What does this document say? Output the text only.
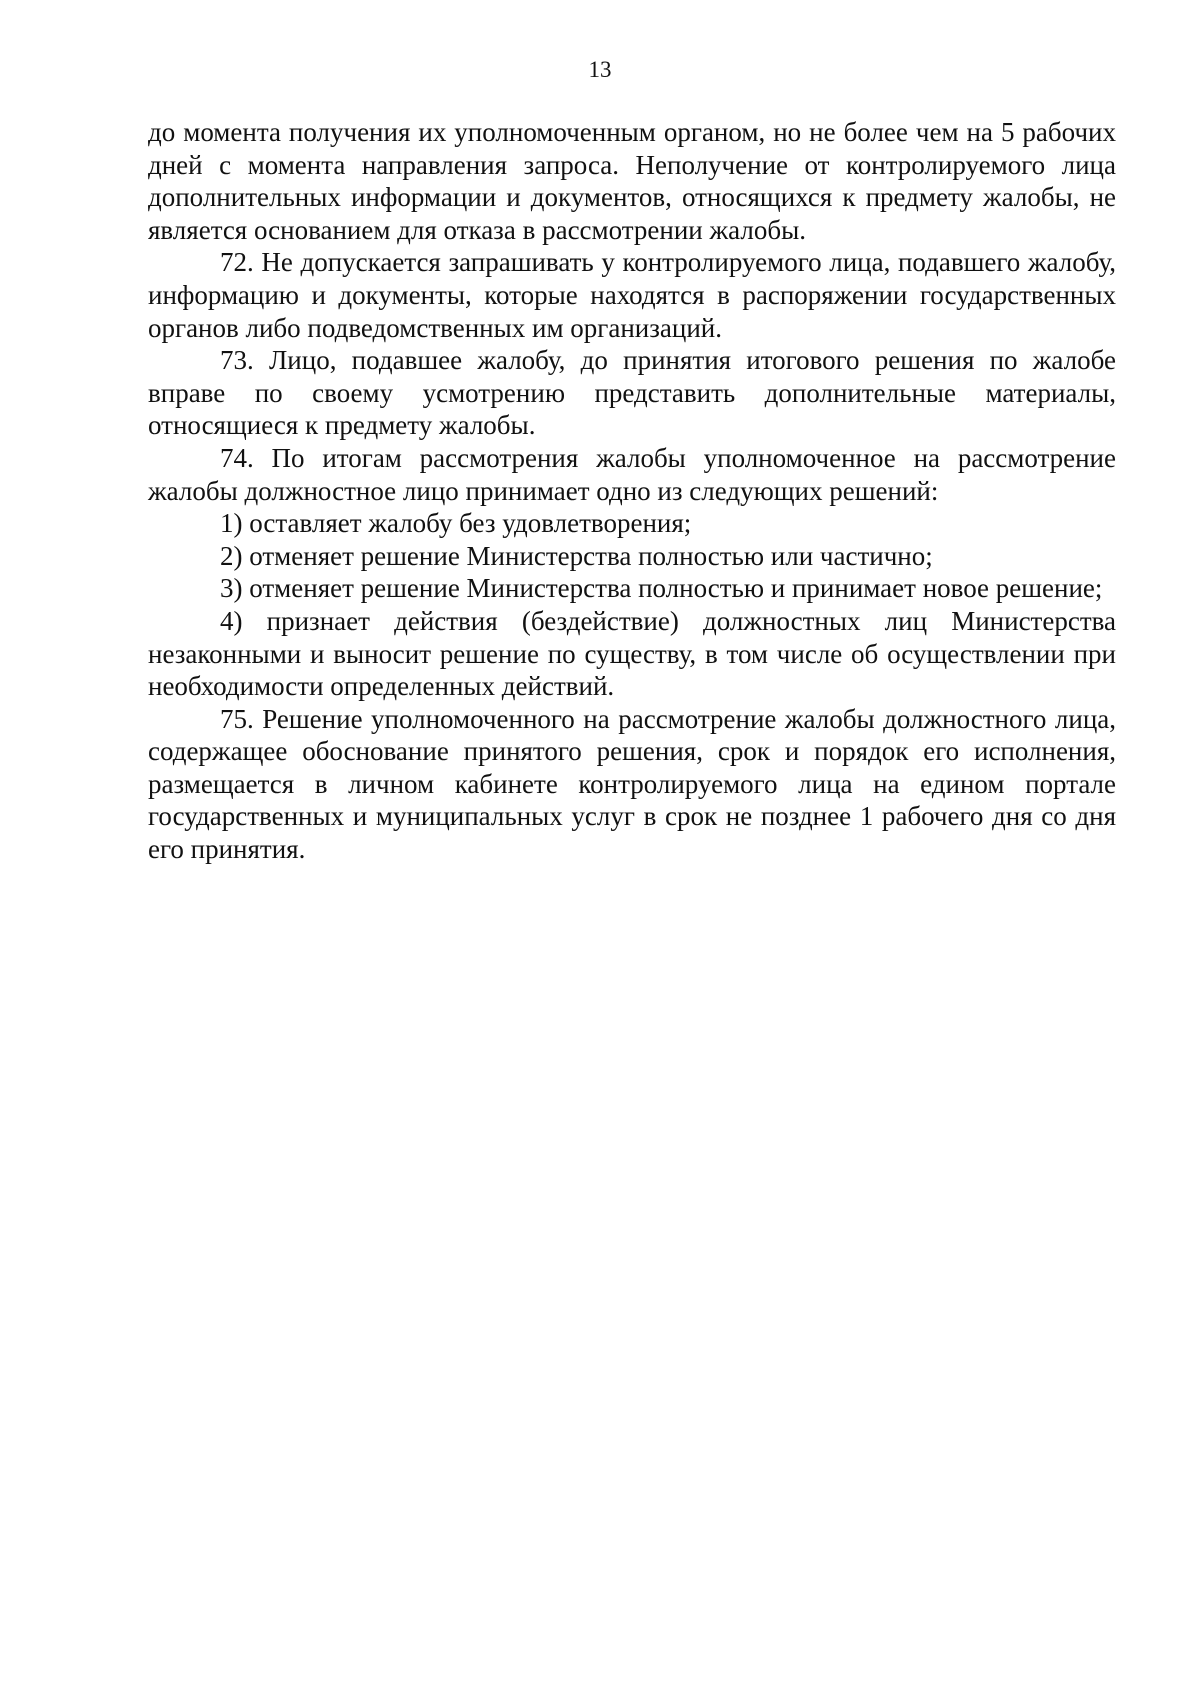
13

до момента получения их уполномоченным органом, но не более чем на 5 рабочих дней с момента направления запроса. Неполучение от контролируемого лица дополнительных информации и документов, относящихся к предмету жалобы, не является основанием для отказа в рассмотрении жалобы.

72. Не допускается запрашивать у контролируемого лица, подавшего жалобу, информацию и документы, которые находятся в распоряжении государственных органов либо подведомственных им организаций.

73. Лицо, подавшее жалобу, до принятия итогового решения по жалобе вправе по своему усмотрению представить дополнительные материалы, относящиеся к предмету жалобы.

74. По итогам рассмотрения жалобы уполномоченное на рассмотрение жалобы должностное лицо принимает одно из следующих решений:

1) оставляет жалобу без удовлетворения;

2) отменяет решение Министерства полностью или частично;

3) отменяет решение Министерства полностью и принимает новое решение;

4) признает действия (бездействие) должностных лиц Министерства незаконными и выносит решение по существу, в том числе об осуществлении при необходимости определенных действий.

75. Решение уполномоченного на рассмотрение жалобы должностного лица, содержащее обоснование принятого решения, срок и порядок его исполнения, размещается в личном кабинете контролируемого лица на едином портале государственных и муниципальных услуг в срок не позднее 1 рабочего дня со дня его принятия.
